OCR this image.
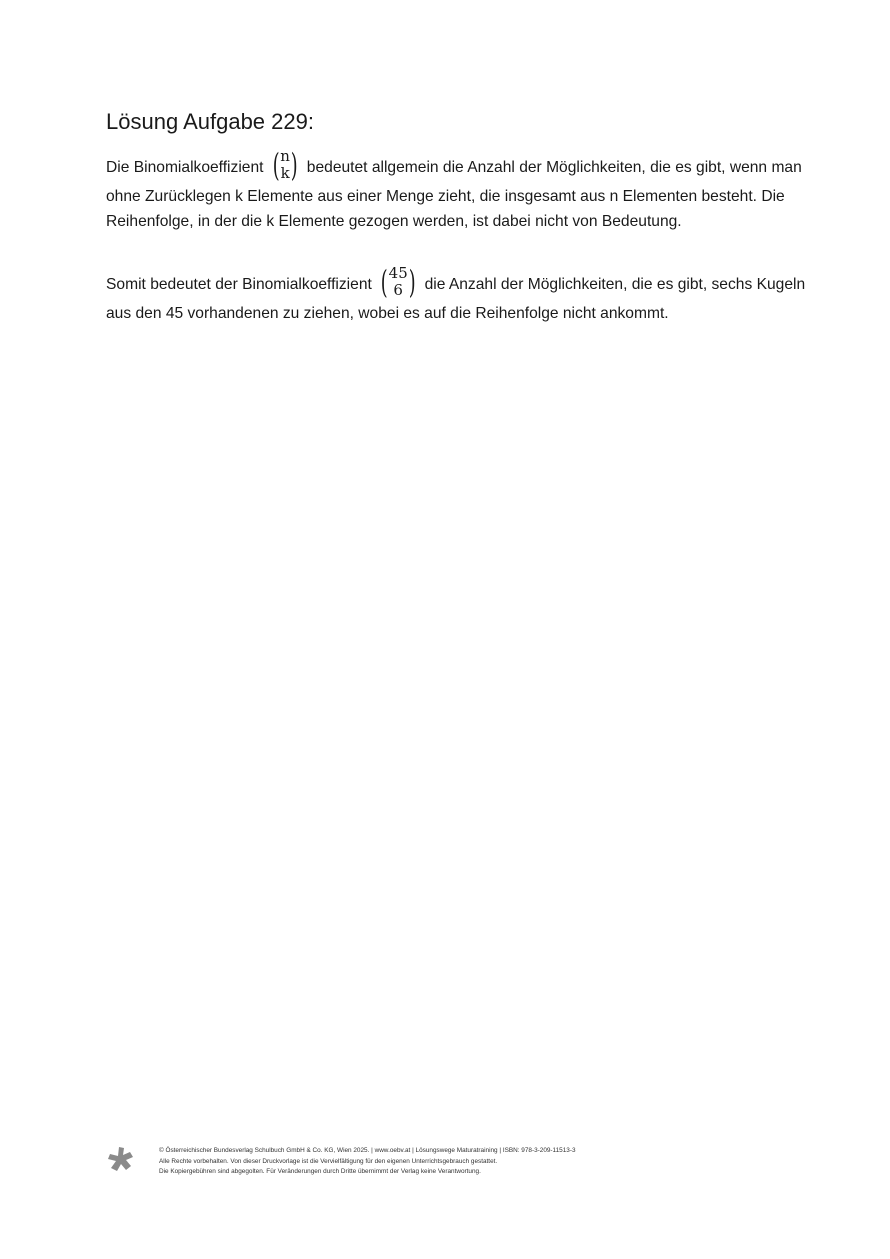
Lösung Aufgabe 229:
Die Binomialkoeffizient ( n
k ) bedeutet allgemein die Anzahl der Möglichkeiten, die es gibt, wenn man ohne Zurücklegen k Elemente aus einer Menge zieht, die insgesamt aus n Elementen besteht. Die Reihenfolge, in der die k Elemente gezogen werden, ist dabei nicht von Bedeutung.
Somit bedeutet der Binomialkoeffizient ( 45
6 ) die Anzahl der Möglichkeiten, die es gibt, sechs Kugeln aus den 45 vorhandenen zu ziehen, wobei es auf die Reihenfolge nicht ankommt.
© Österreichischer Bundesverlag Schulbuch GmbH & Co. KG, Wien 2025. | www.oebv.at | Lösungswege Maturatraining | ISBN: 978-3-209-11513-3
Alle Rechte vorbehalten. Von dieser Druckvorlage ist die Vervielfältigung für den eigenen Unterrichtsgebrauch gestattet.
Die Kopiergebühren sind abgegolten. Für Veränderungen durch Dritte übernimmt der Verlag keine Verantwortung.
